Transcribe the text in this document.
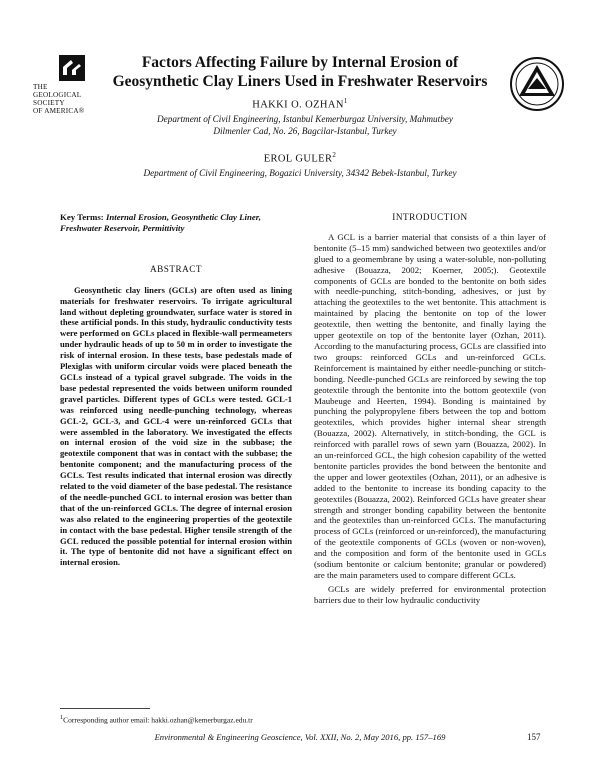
THE
GEOLOGICAL
SOCIETY
OF AMERICA®
Factors Affecting Failure by Internal Erosion of
Geosynthetic Clay Liners Used in Freshwater Reservoirs
HAKKI O. OZHAN$^1$
Department of Civil Engineering, Istanbul Kemerburgaz University, Mahmutbey Dilmenler Cad, No. 26, Bagcilar-Istanbul, Turkey
EROL GULER$^2$
Department of Civil Engineering, Bogazici University, 34342 Bebek-Istanbul, Turkey
Key Terms: Internal Erosion, Geosynthetic Clay Liner, Freshwater Reservoir, Permittivity
ABSTRACT
Geosynthetic clay liners (GCLs) are often used as lining materials for freshwater reservoirs. To irrigate agricultural land without depleting groundwater, surface water is stored in these artificial ponds. In this study, hydraulic conductivity tests were performed on GCLs placed in flexible-wall permeameters under hydraulic heads of up to 50 m in order to investigate the risk of internal erosion. In these tests, base pedestals made of Plexiglas with uniform circular voids were placed beneath the GCLs instead of a typical gravel subgrade. The voids in the base pedestal represented the voids between uniform rounded gravel particles. Different types of GCLs were tested. GCL-1 was reinforced using needle-punching technology, whereas GCL-2, GCL-3, and GCL-4 were un-reinforced GCLs that were assembled in the laboratory. We investigated the effects on internal erosion of the void size in the subbase; the geotextile component that was in contact with the subbase; the bentonite component; and the manufacturing process of the GCLs. Test results indicated that internal erosion was directly related to the void diameter of the base pedestal. The resistance of the needle-punched GCL to internal erosion was better than that of the un-reinforced GCLs. The degree of internal erosion was also related to the engineering properties of the geotextile in contact with the base pedestal. Higher tensile strength of the GCL reduced the possible potential for internal erosion within it. The type of bentonite did not have a significant effect on internal erosion.
$^1$Corresponding author email: hakki.ozhan@kemerburgaz.edu.tr
INTRODUCTION
A GCL is a barrier material that consists of a thin layer of bentonite (5–15 mm) sandwiched between two geotextiles and/or glued to a geomembrane by using a water-soluble, non-polluting adhesive (Bouazza, 2002; Koerner, 2005;). Geotextile components of GCLs are bonded to the bentonite on both sides with needle-punching, stitch-bonding, adhesives, or just by attaching the geotextiles to the wet bentonite. This attachment is maintained by placing the bentonite on top of the lower geotextile, then wetting the bentonite, and finally laying the upper geotextile on top of the bentonite layer (Ozhan, 2011). According to the manufacturing process, GCLs are classified into two groups: reinforced GCLs and un-reinforced GCLs. Reinforcement is maintained by either needle-punching or stitch-bonding. Needle-punched GCLs are reinforced by sewing the top geotextile through the bentonite into the bottom geotextile (von Maubeuge and Heerten, 1994). Bonding is maintained by punching the polypropylene fibers between the top and bottom geotextiles, which provides higher internal shear strength (Bouazza, 2002). Alternatively, in stitch-bonding, the GCL is reinforced with parallel rows of sewn yarn (Bouazza, 2002). In an un-reinforced GCL, the high cohesion capability of the wetted bentonite particles provides the bond between the bentonite and the upper and lower geotextiles (Ozhan, 2011), or an adhesive is added to the bentonite to increase its bonding capacity to the geotextiles (Bouazza, 2002). Reinforced GCLs have greater shear strength and stronger bonding capability between the bentonite and the geotextiles than un-reinforced GCLs. The manufacturing process of GCLs (reinforced or un-reinforced), the manufacturing of the geotextile components of GCLs (woven or non-woven), and the composition and form of the bentonite used in GCLs (sodium bentonite or calcium bentonite; granular or powdered) are the main parameters used to compare different GCLs.
GCLs are widely preferred for environmental protection barriers due to their low hydraulic conductivity
Environmental & Engineering Geoscience, Vol. XXII, No. 2, May 2016, pp. 157–169	157
